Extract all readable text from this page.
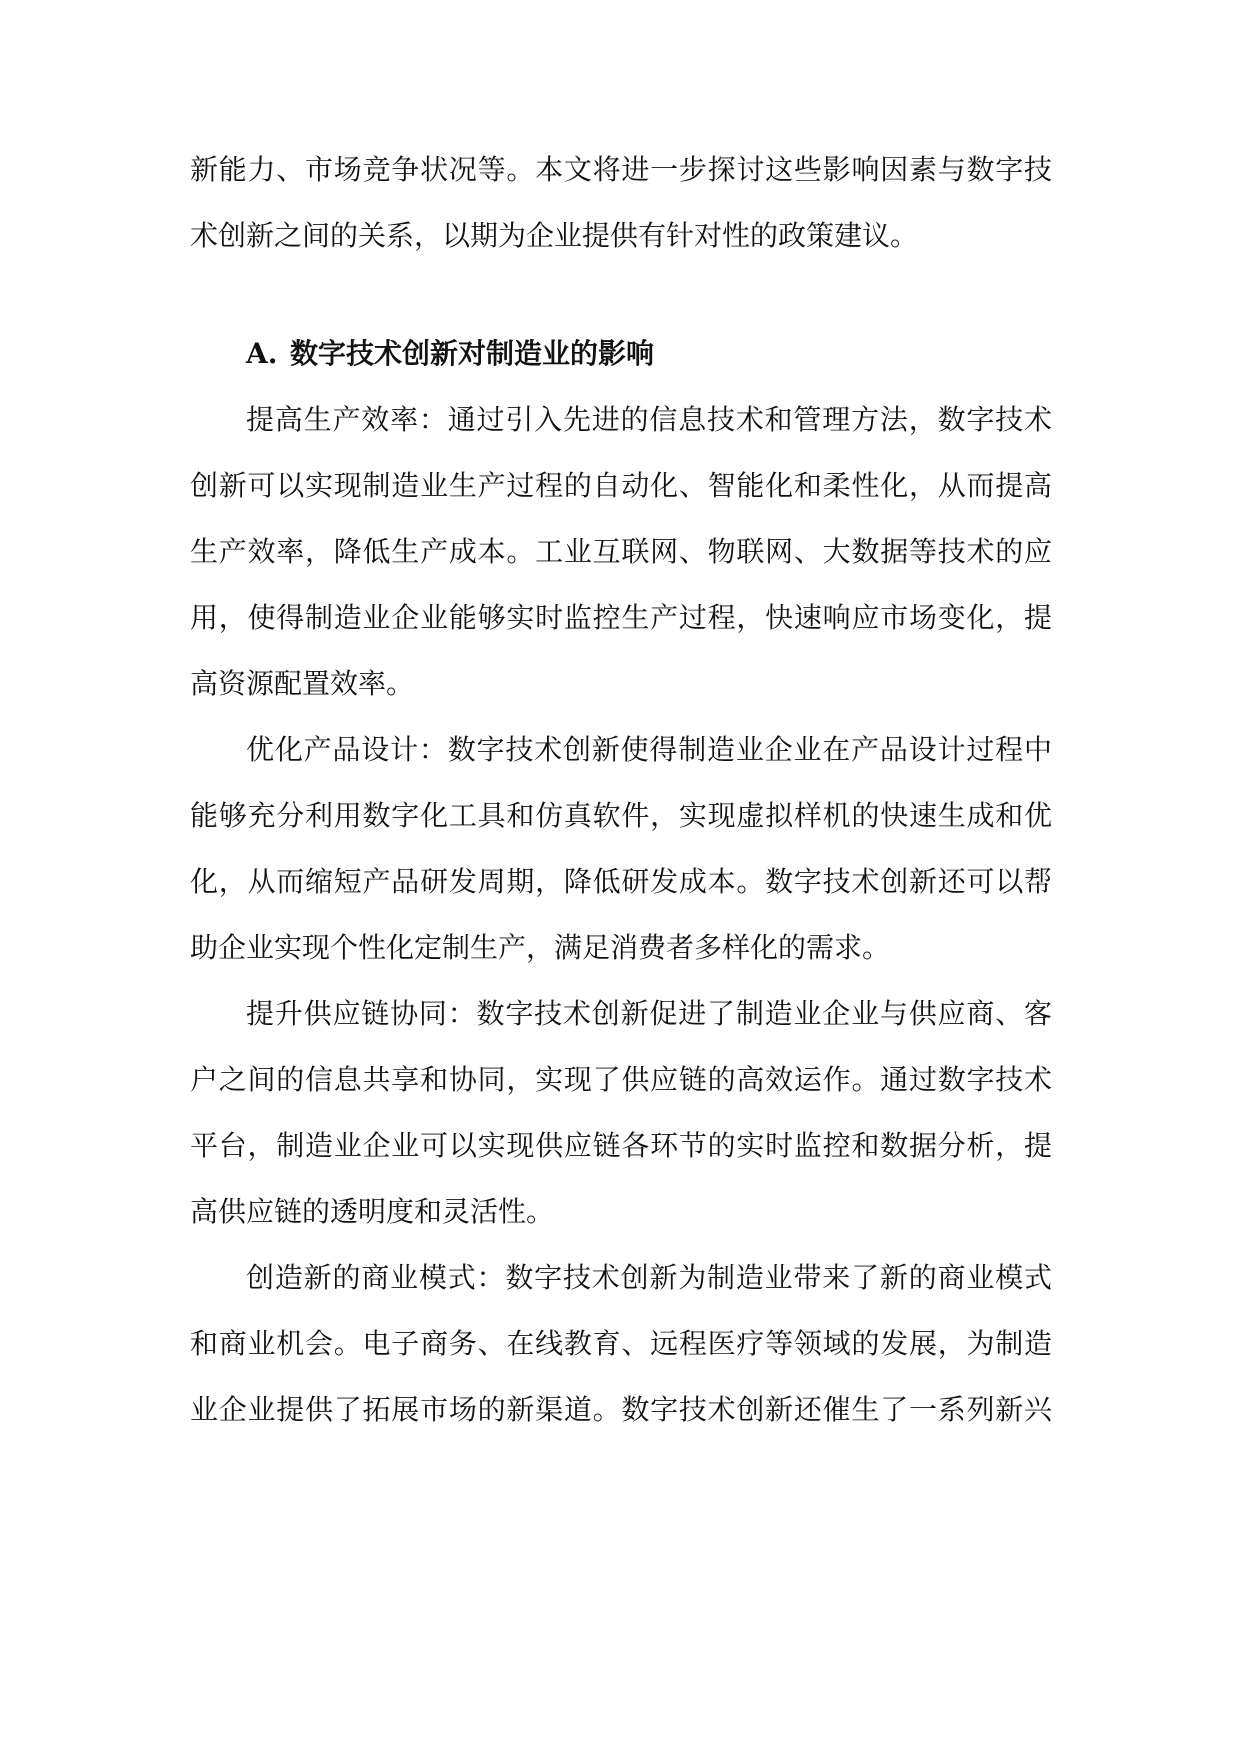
新能力、市场竞争状况等。本文将进一步探讨这些影响因素与数字技
术创新之间的关系，以期为企业提供有针对性的政策建议。
A. 数字技术创新对制造业的影响
提高生产效率：通过引入先进的信息技术和管理方法，数字技术
创新可以实现制造业生产过程的自动化、智能化和柔性化，从而提高
生产效率，降低生产成本。工业互联网、物联网、大数据等技术的应
用，使得制造业企业能够实时监控生产过程，快速响应市场变化，提
高资源配置效率。
优化产品设计：数字技术创新使得制造业企业在产品设计过程中
能够充分利用数字化工具和仿真软件，实现虚拟样机的快速生成和优
化，从而缩短产品研发周期，降低研发成本。数字技术创新还可以帮
助企业实现个性化定制生产，满足消费者多样化的需求。
提升供应链协同：数字技术创新促进了制造业企业与供应商、客
户之间的信息共享和协同，实现了供应链的高效运作。通过数字技术
平台，制造业企业可以实现供应链各环节的实时监控和数据分析，提
高供应链的透明度和灵活性。
创造新的商业模式：数字技术创新为制造业带来了新的商业模式
和商业机会。电子商务、在线教育、远程医疗等领域的发展，为制造
业企业提供了拓展市场的新渠道。数字技术创新还催生了一系列新兴
